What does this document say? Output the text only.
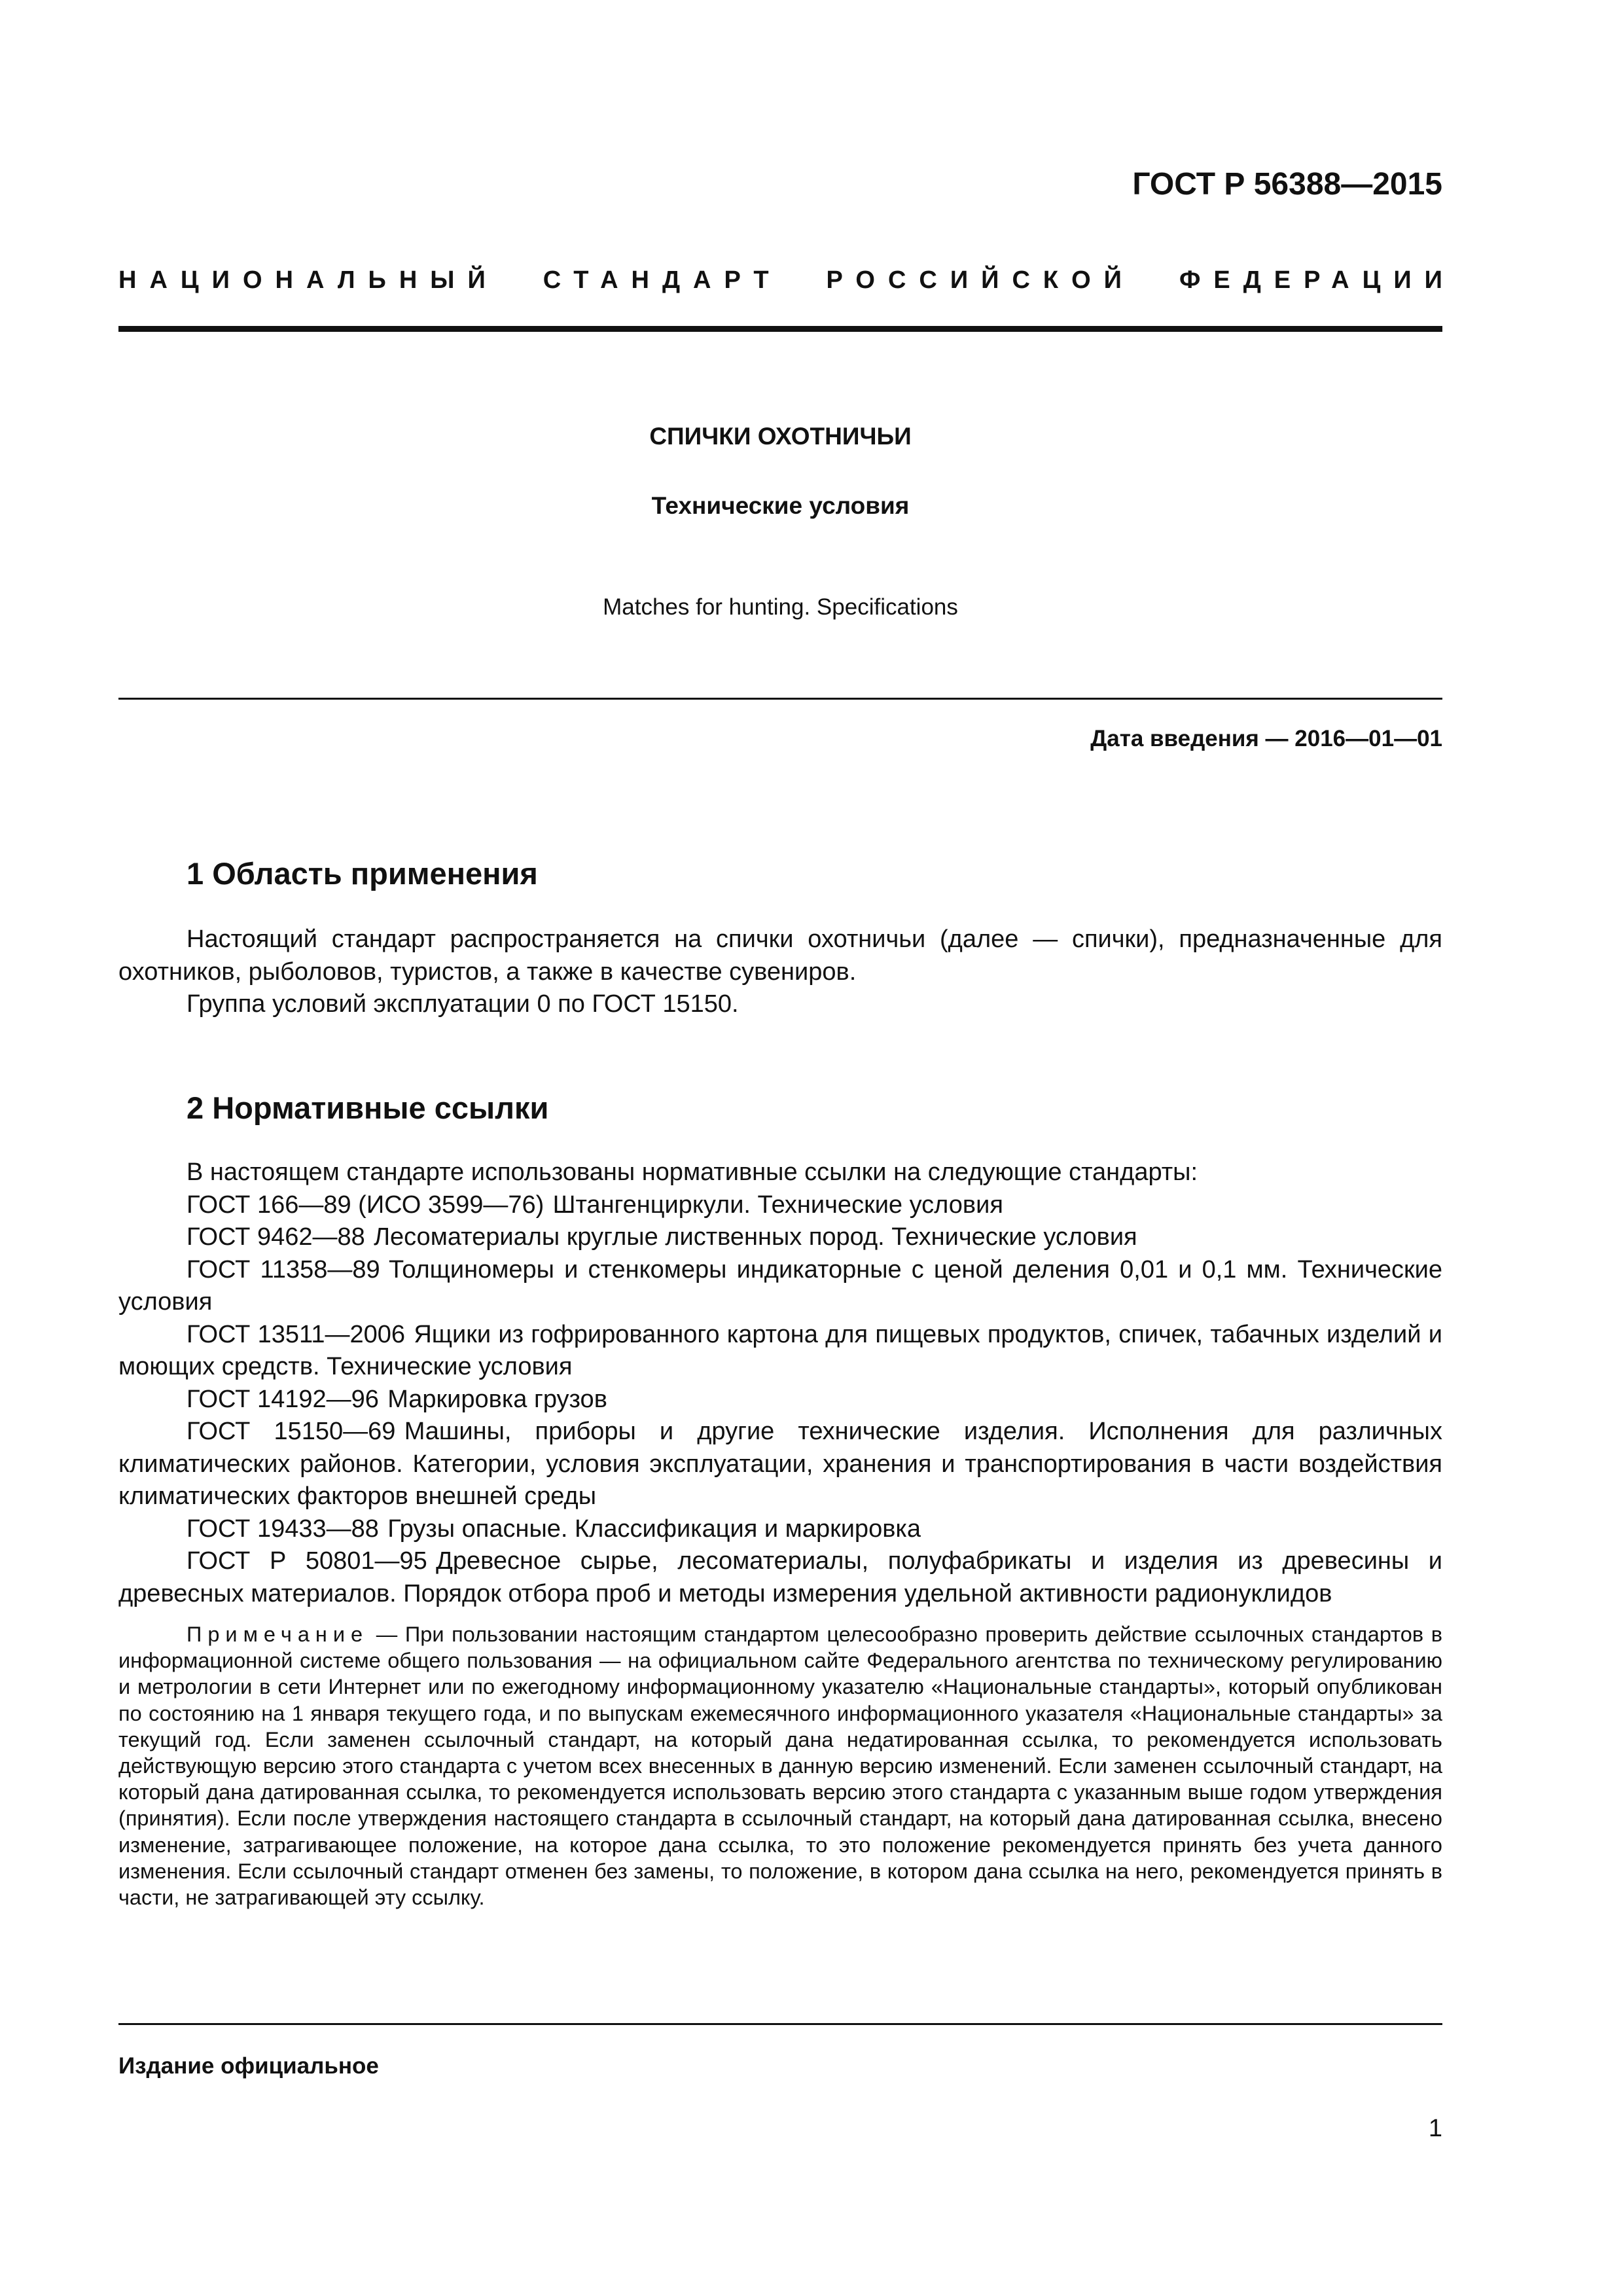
ГОСТ Р 56388—2015
НАЦИОНАЛЬНЫЙ СТАНДАРТ РОССИЙСКОЙ ФЕДЕРАЦИИ
СПИЧКИ ОХОТНИЧЬИ
Технические условия
Matches for hunting. Specifications
Дата введения — 2016—01—01
1 Область применения

Настоящий стандарт распространяется на спички охотничьи (далее — спички), предназначенные для охотников, рыболовов, туристов, а также в качестве сувениров.

Группа условий эксплуатации 0 по ГОСТ 15150.

2 Нормативные ссылки

В настоящем стандарте использованы нормативные ссылки на следующие стандарты:

ГОСТ 166—89 (ИСО 3599—76) Штангенциркули. Технические условия

ГОСТ 9462—88 Лесоматериалы круглые лиственных пород. Технические условия

ГОСТ 11358—89 Толщиномеры и стенкомеры индикаторные с ценой деления 0,01 и 0,1 мм. Технические условия

ГОСТ 13511—2006 Ящики из гофрированного картона для пищевых продуктов, спичек, табачных изделий и моющих средств. Технические условия

ГОСТ 14192—96 Маркировка грузов

ГОСТ 15150—69 Машины, приборы и другие технические изделия. Исполнения для различных климатических районов. Категории, условия эксплуатации, хранения и транспортирования в части воздействия климатических факторов внешней среды

ГОСТ 19433—88 Грузы опасные. Классификация и маркировка

ГОСТ Р 50801—95 Древесное сырье, лесоматериалы, полуфабрикаты и изделия из древесины и древесных материалов. Порядок отбора проб и методы измерения удельной активности радионуклидов

Примечание — При пользовании настоящим стандартом целесообразно проверить действие ссылочных стандартов в информационной системе общего пользования — на официальном сайте Федерального агентства по техническому регулированию и метрологии в сети Интернет или по ежегодному информационному указателю «Национальные стандарты», который опубликован по состоянию на 1 января текущего года, и по выпускам ежемесячного информационного указателя «Национальные стандарты» за текущий год. Если заменен ссылочный стандарт, на который дана недатированная ссылка, то рекомендуется использовать действующую версию этого стандарта с учетом всех внесенных в данную версию изменений. Если заменен ссылочный стандарт, на который дана датированная ссылка, то рекомендуется использовать версию этого стандарта с указанным выше годом утверждения (принятия). Если после утверждения настоящего стандарта в ссылочный стандарт, на который дана датированная ссылка, внесено изменение, затрагивающее положение, на которое дана ссылка, то это положение рекомендуется принять без учета данного изменения. Если ссылочный стандарт отменен без замены, то положение, в котором дана ссылка на него, рекомендуется принять в части, не затрагивающей эту ссылку.

Издание официальное
1
